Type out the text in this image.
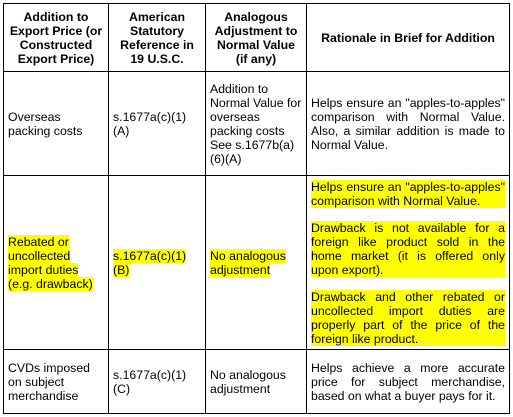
Addition to Export Price (or Constructed Export Price)	American Statutory Reference in 19 U.S.C.	Analogous Adjustment to Normal Value (if any)	Rationale in Brief for Addition
Overseas packing costs	s.1677a(c)(1)(A)	Addition to Normal Value for overseas packing costs See s.1677b(a)(6)(A)	Helps ensure an "apples-to-apples" comparison with Normal Value. Also, a similar addition is made to Normal Value.

Rebated or uncollected import duties (e.g. drawback)	s.1677a(c)(1)(B)	No analogous adjustment	Helps ensure an "apples-to-apples" comparison with Normal Value.

Drawback is not available for a foreign like product sold in the home market (it is offered only upon export).

Drawback and other rebated or uncollected import duties are properly part of the price of the foreign like product.

CVDs imposed on subject merchandise	s.1677a(c)(1)(C)	No analogous adjustment	Helps achieve a more accurate price for subject merchandise, based on what a buyer pays for it.
